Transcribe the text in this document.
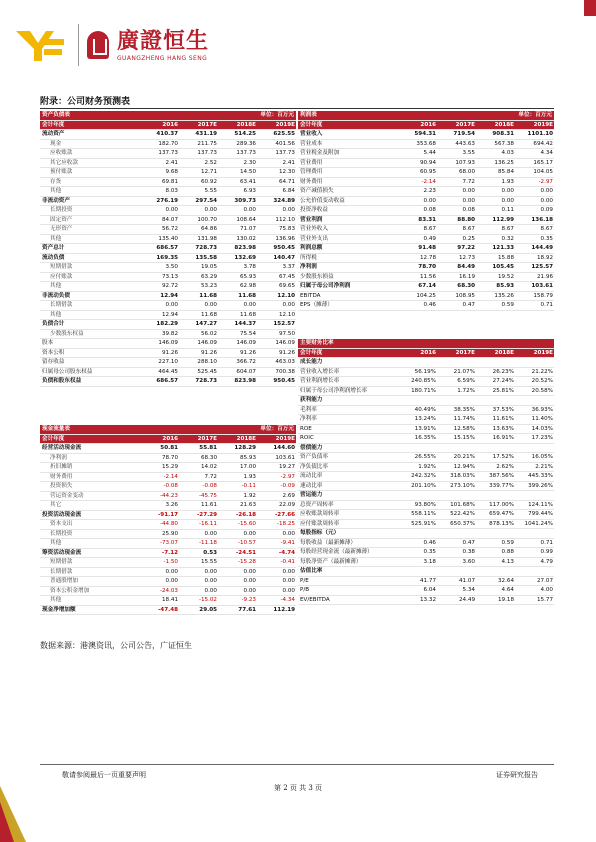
廣證恒生
GUANGZHENG HANG SENG
附录：公司财务预测表
资产负债表	单位：百万元
会计年度	2016	2017E	2018E	2019E
流动资产	410.37	431.19	514.25	625.55
现金	182.70	211.75	289.36	401.56
应收账款	137.73	137.73	137.73	137.73
其它应收款	2.41	2.52	2.30	2.41
预付账款	9.68	12.71	14.50	12.30
存货	69.81	60.92	63.41	64.71
其他	8.03	5.55	6.93	6.84
非流动资产	276.19	297.54	309.73	324.89
长期投资	0.00	0.00	0.00	0.00
固定资产	84.07	100.70	108.64	112.10
无形资产	56.72	64.86	71.07	75.83
其他	135.40	131.98	130.02	136.96
资产总计	686.57	728.73	823.98	950.45
流动负债	169.35	135.58	132.69	140.47
短期借款	3.50	19.05	3.78	3.37
应付账款	73.13	63.29	65.93	67.45
其他	92.72	53.23	62.98	69.65
非流动负债	12.94	11.68	11.68	12.10
长期借款	0.00	0.00	0.00	0.00
其他	12.94	11.68	11.68	12.10
负债合计	182.29	147.27	144.37	152.57
少数股东权益	39.82	56.02	75.54	97.50
股本	146.09	146.09	146.09	146.09
资本公积	91.26	91.26	91.26	91.26
留存收益	227.10	288.10	366.72	463.03
归属母公司股东权益	464.45	525.45	604.07	700.38
负债和股东权益	686.57	728.73	823.98	950.45
现金流量表	单位：百万元
会计年度	2016	2017E	2018E	2019E
经营活动现金流	50.81	55.81	128.29	144.60
净利润	78.70	68.30	85.93	103.61
折旧摊销	15.29	14.02	17.00	19.27
财务费用	-2.14	7.72	1.93	-2.97
投资损失	-0.08	-0.08	-0.11	-0.09
营运资金变动	-44.23	-45.75	1.92	2.69
其它	3.26	11.61	21.63	22.09
投资活动现金流	-91.17	-27.29	-26.18	-27.66
资本支出	-44.80	-16.11	-15.60	-18.25
长期投资	25.90	0.00	0.00	0.00
其他	-73.07	-11.18	-10.57	-9.41
筹资活动现金流	-7.12	0.53	-24.51	-4.74
短期借款	-1.50	15.55	-15.28	-0.41
长期借款	0.00	0.00	0.00	0.00
普通股增加	0.00	0.00	0.00	0.00
资本公积金增加	-24.03	0.00	0.00	0.00
其他	18.41	-15.02	-9.23	-4.34
现金净增加额	-47.48	29.05	77.61	112.19
利润表	单位：百万元
会计年度	2016	2017E	2018E	2019E
营业收入	594.31	719.54	908.31	1101.10
营业成本	353.68	443.63	567.38	694.42
营业税金及附加	5.44	3.55	4.03	4.34
营业费用	90.94	107.93	136.25	165.17
管理费用	60.95	68.00	85.84	104.05
财务费用	-2.14	7.72	1.93	-2.97
资产减值损失	2.23	0.00	0.00	0.00
公允价值变动收益	0.00	0.00	0.00	0.00
投资净收益	0.08	0.08	0.11	0.09
营业利润	83.31	88.80	112.99	136.18
营业外收入	8.67	8.67	8.67	8.67
营业外支出	0.49	0.25	0.32	0.35
利润总额	91.48	97.22	121.33	144.49
所得税	12.78	12.73	15.88	18.92
净利润	78.70	84.49	105.45	125.57
少数股东损益	11.56	16.19	19.52	21.96
归属于母公司净利润	67.14	68.30	85.93	103.61
EBITDA	104.25	108.95	135.26	158.79
EPS（摊薄）	0.46	0.47	0.59	0.71
主要财务比率
会计年度	2016	2017E	2018E	2019E
成长能力
营业收入增长率	56.19%	21.07%	26.23%	21.22%
营业利润增长率	240.85%	6.59%	27.24%	20.52%
归属于母公司净利润增长率	180.71%	1.72%	25.81%	20.58%
获利能力
毛利率	40.49%	38.35%	37.53%	36.93%
净利率	13.24%	11.74%	11.61%	11.40%
ROE	13.91%	12.58%	13.63%	14.03%
ROIC	16.35%	15.15%	16.91%	17.23%
偿债能力
资产负债率	26.55%	20.21%	17.52%	16.05%
净负债比率	1.92%	12.94%	2.62%	2.21%
流动比率	242.32%	318.03%	387.56%	445.33%
速动比率	201.10%	273.10%	339.77%	399.26%
营运能力
总资产周转率	93.80%	101.68%	117.00%	124.11%
应收账款周转率	558.11%	522.42%	659.47%	799.44%
应付账款周转率	525.91%	650.37%	878.13%	1041.24%
每股指标（元）
每股收益（最新摊薄）	0.46	0.47	0.59	0.71
每股经营现金流（最新摊薄）	0.35	0.38	0.88	0.99
每股净资产（最新摊薄）	3.18	3.60	4.13	4.79
估值比率
P/E	41.77	41.07	32.64	27.07
P/B	6.04	5.34	4.64	4.00
EV/EBITDA	13.32	24.49	19.18	15.77
数据来源：港澳资讯，公司公告，广证恒生
敬请参阅最后一页重要声明	证券研究报告
第 2 页 共 3 页
